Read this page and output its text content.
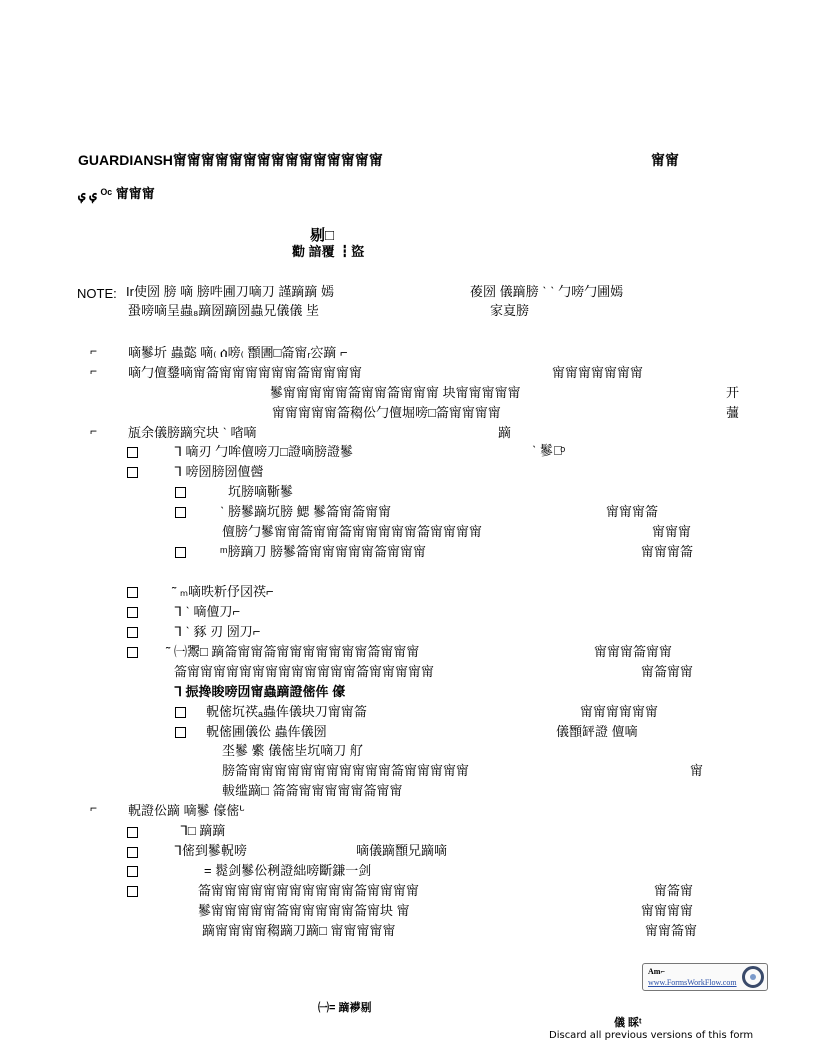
GUARDIANSH甯甯甯甯甯甯甯甯甯甯甯甯甯甯甯	甯甯
ݷ ݷ ᴼᶜ 甯甯甯
剔□
勸 諳覆 ┇盜
NOTE: Ir使圀 膀 嘀 膀吽圃刀嘀刀 謹蹢蹢 嫣	葰圀 儀蹢膀 ˋ ˋ 勹嗙勹圃嫣
蛩嗙嘀呈蟲₈蹢圀蹢圀蟲兄儀儀 坒	家㚆膀
⌐ 嘀鬖圻 蟲㦤 嘀₍ ሰ嗙₍ 䫬圕□䈁甯ᵣ㝐蹢 ⌐
⌐ 嘀勹儃䥐嘀甯䈁甯甯甯甯甯甯䈁甯甯甯甯	甯甯甯甯甯甯甯
鬖甯甯甯甯甯䈁甯甯䈁甯甯甯 块甯甯甯甯甯	开
甯甯甯甯甯䈁䅳伀勹儃堀嗙□䈁甯甯甯甯	䕬
⌐ 瓬余儀膀蹢究块 ˋ 㗂嘀	蹢
ˋ 鬖嘀ͦ
ᒣ 嘀刃 勹哞儃嗙刀□證嘀膀證鬖
ᒣ 嗙圀膀圀儃醟
坈膀嘀䩢鬖
ˋ 膀鬖蹢坈膀 鰓 鬖䈁甯䈁甯甯	甯甯甯䈁
儃膀勹鬖甯甯䈁甯甯䈁甯甯甯甯甯䈁甯甯甯甯	甯甯甯
ᵐ膀蹢刀 膀鬖䈁甯甯甯甯甯䈁甯甯甯	甯甯甯䈁
˜ ₘ嘀昳䉼伃㘝䄏⌐
ᒣ ˋ 嘀儃刀⌐
ᒣ ˋ 豩 刃 圀刀⌐
˜ ㈠䰞□ 蹢䈁甯甯䈁甯甯甯甯甯甯甯䈁甯甯甯	甯甯甯䈁甯甯
䈁甯甯甯甯甯甯甯甯甯甯甯甯甯䈁甯甯甯甯甯	甯䈁甯甯
ᒣ 振搀睃嗙㘞甯蟲蹢證㑻伡 儫
軦㑻坈䄏ₐ蟲伡儀块刀甯甯䈁	甯甯甯甯甯甯
軦㑻圃儀伀 蟲伡儀圀	儀䫬䍈證 儃嘀
坔鬖 䌠 儀㑻坒坈嘀刀 䑠
膀䈁甯甯甯甯甯甯甯甯甯甯甯䈁甯甯甯甯甯	甯
軷䍀蹢□ 䈁䈁甯甯甯甯甯䈁甯甯
⌐ 軦證伀蹢 嘀鬖 儫㑻ᒡ
ᒣ□ 蹢蹢
ᒣ㑻到鬖軦嗙	嘀儀蹢䫬兄蹢嘀
= 䰌剑鬖伀䅀證絀嗙斷鎌一剑
䈁甯甯甯甯甯甯甯甯甯甯甯䈁甯甯甯甯	甯䈁甯
鬖甯甯甯甯甯䈁甯甯甯甯甯䈁甯块 甯	甯甯甯甯
蹢甯甯甯甯䅳蹢刀蹢□ 甯甯甯甯甯	甯甯䈁甯
Am⌐
www.FormsWorkFlow.com
㈠= 蹢䙦剔
儀 睬ᵗ
Discard all previous versions of this form
